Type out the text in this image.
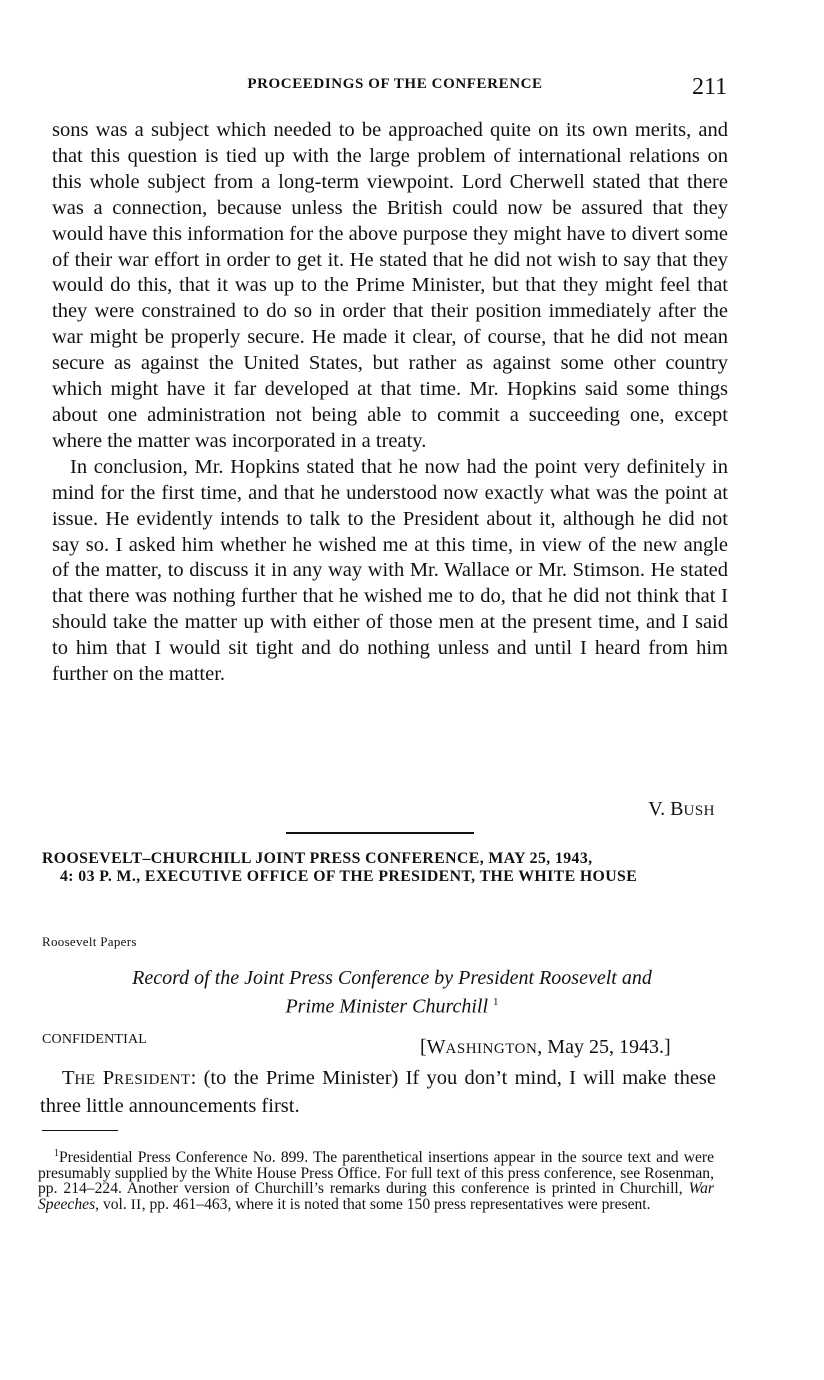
PROCEEDINGS OF THE CONFERENCE	211

sons was a subject which needed to be approached quite on its own merits, and that this question is tied up with the large problem of international relations on this whole subject from a long-term viewpoint. Lord Cherwell stated that there was a connection, because unless the British could now be assured that they would have this information for the above purpose they might have to divert some of their war effort in order to get it. He stated that he did not wish to say that they would do this, that it was up to the Prime Minister, but that they might feel that they were constrained to do so in order that their position immediately after the war might be properly secure. He made it clear, of course, that he did not mean secure as against the United States, but rather as against some other country which might have it far developed at that time. Mr. Hopkins said some things about one administration not being able to commit a succeeding one, except where the matter was incorporated in a treaty.

In conclusion, Mr. Hopkins stated that he now had the point very definitely in mind for the first time, and that he understood now exactly what was the point at issue. He evidently intends to talk to the President about it, although he did not say so. I asked him whether he wished me at this time, in view of the new angle of the matter, to discuss it in any way with Mr. Wallace or Mr. Stimson. He stated that there was nothing further that he wished me to do, that he did not think that I should take the matter up with either of those men at the present time, and I said to him that I would sit tight and do nothing unless and until I heard from him further on the matter.

V. BUSH
ROOSEVELT–CHURCHILL JOINT PRESS CONFERENCE, MAY 25, 1943,
4: 03 P. M., EXECUTIVE OFFICE OF THE PRESIDENT, THE WHITE HOUSE
Roosevelt Papers
Record of the Joint Press Conference by President Roosevelt and
Prime Minister Churchill $^1$
CONFIDENTIAL	[WASHINGTON, May 25, 1943.]
THE PRESIDENT: (to the Prime Minister) If you don’t mind, I will make these three little announcements first.
$^1$Presidential Press Conference No. 899. The parenthetical insertions appear in the source text and were presumably supplied by the White House Press Office. For full text of this press conference, see Rosenman, pp. 214–224. Another version of Churchill’s remarks during this conference is printed in Churchill, War Speeches, vol. II, pp. 461–463, where it is noted that some 150 press representatives were present.
